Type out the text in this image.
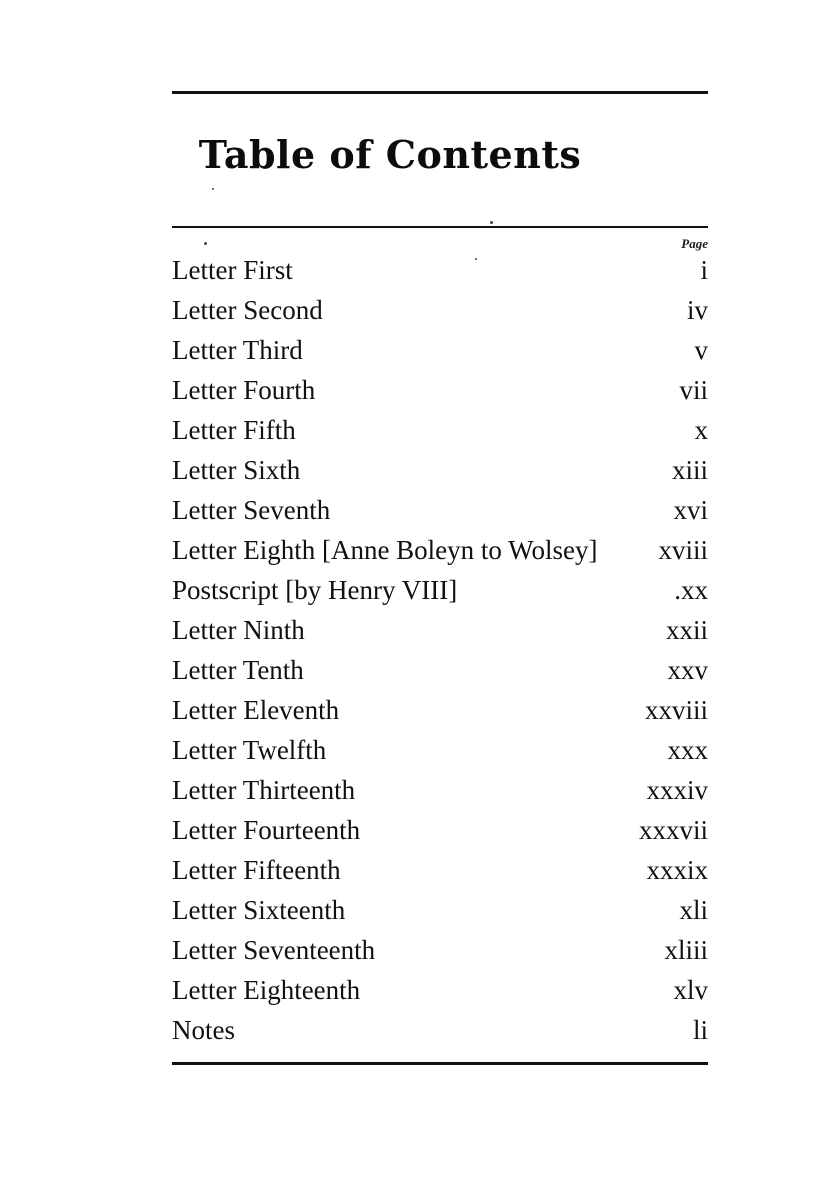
Table of Contents
Page
Letter First	i
Letter Second	iv
Letter Third	v
Letter Fourth	vii
Letter Fifth	x
Letter Sixth	xiii
Letter Seventh	xvi
Letter Eighth [Anne Boleyn to Wolsey] xviii
Postscript [by Henry VIII]	.xx
Letter Ninth	xxii
Letter Tenth	xxv
Letter Eleventh	xxviii
Letter Twelfth	xxx
Letter Thirteenth	xxxiv
Letter Fourteenth	xxxvii
Letter Fifteenth	xxxix
Letter Sixteenth	xli
Letter Seventeenth	xliii
Letter Eighteenth	xlv
Notes	li
